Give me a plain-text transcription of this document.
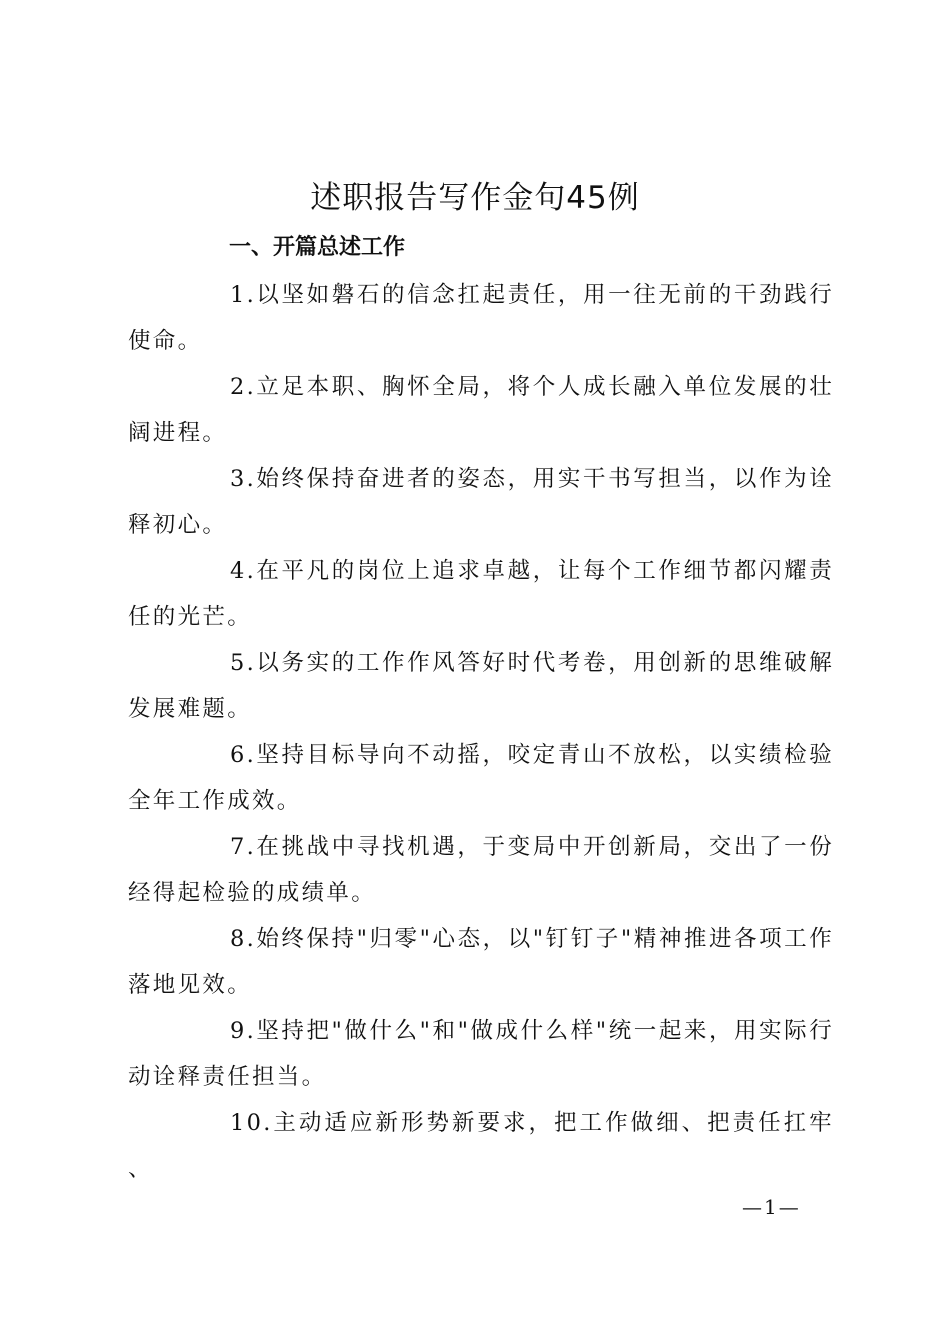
述职报告写作金句45例
一、开篇总述工作

1.以坚如磐石的信念扛起责任，用一往无前的干劲践行使命。

2.立足本职、胸怀全局，将个人成长融入单位发展的壮阔进程。

3.始终保持奋进者的姿态，用实干书写担当，以作为诠释初心。

4.在平凡的岗位上追求卓越，让每个工作细节都闪耀责任的光芒。

5.以务实的工作作风答好时代考卷，用创新的思维破解发展难题。

6.坚持目标导向不动摇，咬定青山不放松，以实绩检验全年工作成效。

7.在挑战中寻找机遇，于变局中开创新局，交出了一份经得起检验的成绩单。

8.始终保持"归零"心态，以"钉钉子"精神推进各项工作落地见效。

9.坚持把"做什么"和"做成什么样"统一起来，用实际行动诠释责任担当。

10.主动适应新形势新要求，把工作做细、把责任扛牢、

—1—
